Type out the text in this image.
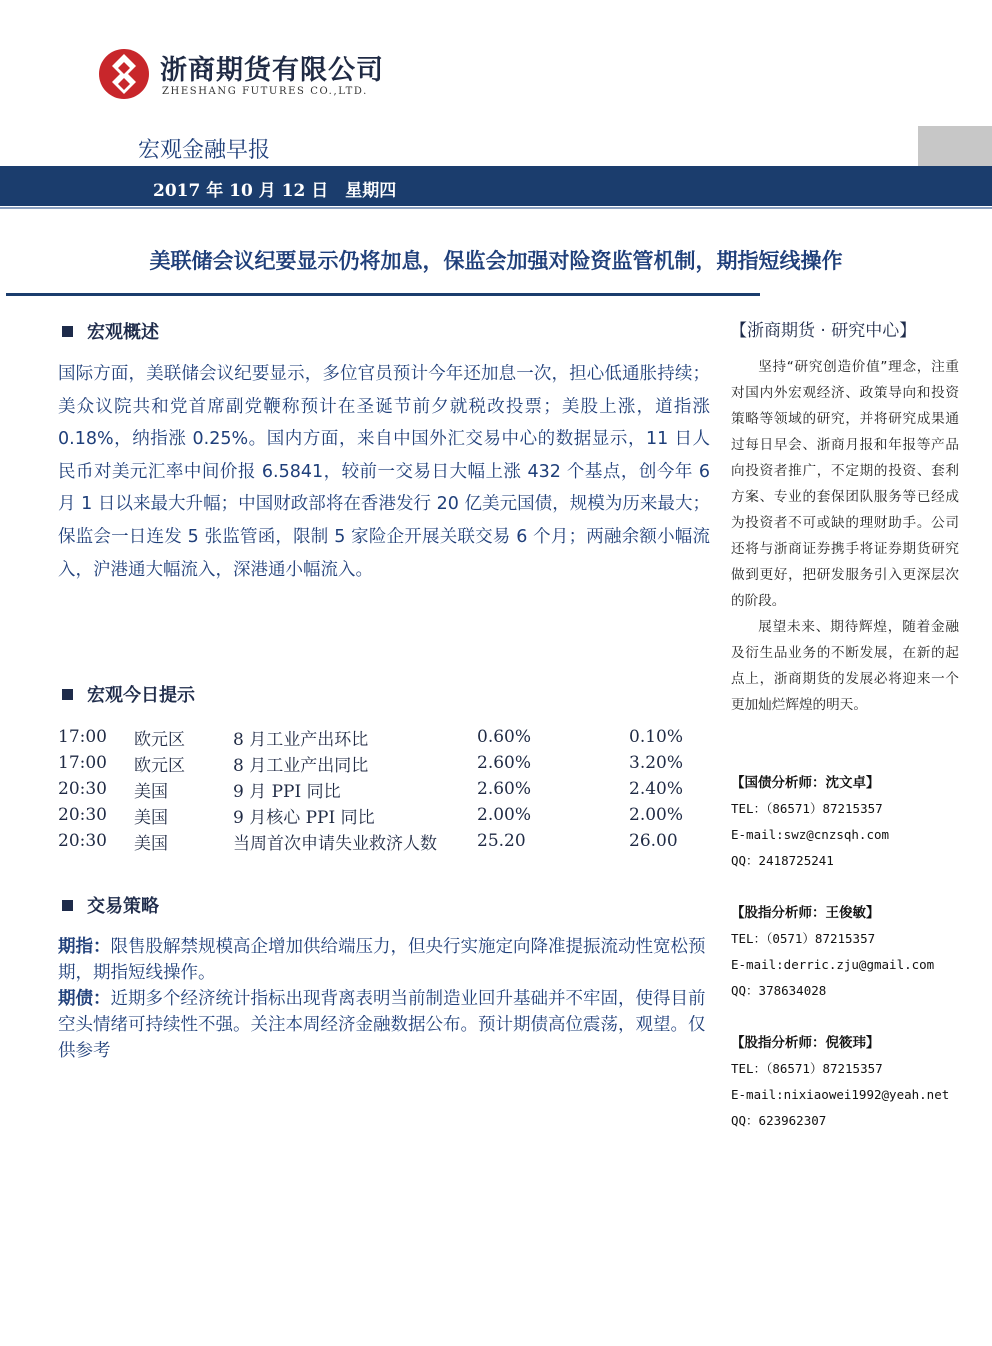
浙商期货有限公司
ZHESHANG FUTURES CO.,LTD.
宏观金融早报
2017 年 10 月 12 日　星期四
美联储会议纪要显示仍将加息，保监会加强对险资监管机制，期指短线操作
宏观概述
国际方面，美联储会议纪要显示，多位官员预计今年还加息一次，担心低通胀持续；美众议院共和党首席副党鞭称预计在圣诞节前夕就税改投票；美股上涨，道指涨 0.18%，纳指涨 0.25%。国内方面，来自中国外汇交易中心的数据显示，11 日人民币对美元汇率中间价报 6.5841，较前一交易日大幅上涨 432 个基点，创今年 6 月 1 日以来最大升幅；中国财政部将在香港发行 20 亿美元国债，规模为历来最大；保监会一日连发 5 张监管函，限制 5 家险企开展关联交易 6 个月；两融余额小幅流入，沪港通大幅流入，深港通小幅流入。
宏观今日提示
17:00	欧元区	8 月工业产出环比	0.60%	0.10%
17:00	欧元区	8 月工业产出同比	2.60%	3.20%
20:30	美国	9 月 PPI 同比	2.60%	2.40%
20:30	美国	9 月核心 PPI 同比	2.00%	2.00%
20:30	美国	当周首次申请失业救济人数	25.20	26.00
交易策略
期指：限售股解禁规模高企增加供给端压力，但央行实施定向降准提振流动性宽松预期，期指短线操作。
期债：近期多个经济统计指标出现背离表明当前制造业回升基础并不牢固，使得目前空头情绪可持续性不强。关注本周经济金融数据公布。预计期债高位震荡，观望。仅供参考
【浙商期货 · 研究中心】

坚持“研究创造价值”理念，注重对国内外宏观经济、政策导向和投资策略等领域的研究，并将研究成果通过每日早会、浙商月报和年报等产品向投资者推广，不定期的投资、套利方案、专业的套保团队服务等已经成为投资者不可或缺的理财助手。公司还将与浙商证券携手将证券期货研究做到更好，把研发服务引入更深层次的阶段。

展望未来、期待辉煌，随着金融及衍生品业务的不断发展，在新的起点上，浙商期货的发展必将迎来一个更加灿烂辉煌的明天。

【国债分析师：沈文卓】
TEL：（86571）87215357
E-mail:swz@cnzsqh.com
QQ：2418725241
【股指分析师：王俊敏】
TEL：（0571）87215357
E-mail:derric.zju@gmail.com
QQ：378634028
【股指分析师：倪筱玮】
TEL：（86571）87215357
E-mail:nixiaowei1992@yeah.net
QQ：623962307
